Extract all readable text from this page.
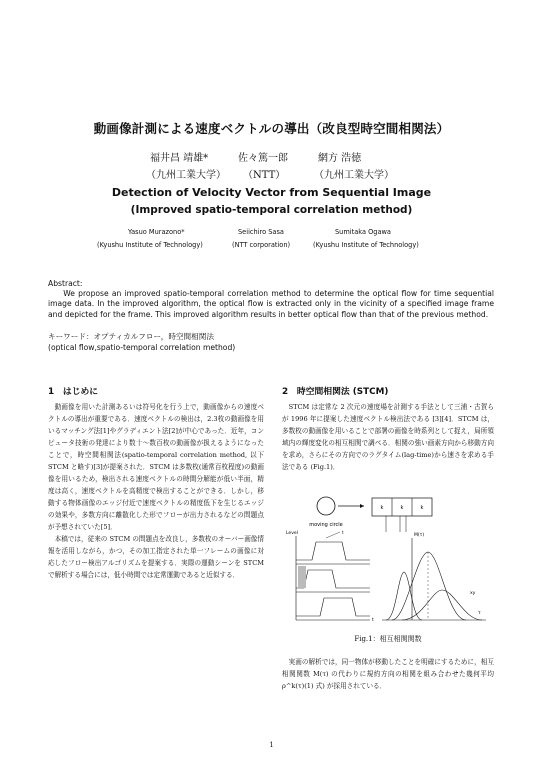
動画像計測による速度ベクトルの導出（改良型時空間相関法）
福井昌 靖雄*	佐々篤一郎	網方 浩徳
（九州工業大学） （NTT）	（九州工業大学）
Detection of Velocity Vector from Sequential Image
(Improved spatio-temporal correlation method)
Yasuo Murazono*	Seiichiro Sasa	Sumitaka Ogawa
(Kyushu Institute of Technology)	(NTT corporation)	(Kyushu Institute of Technology)
Abstract:
We propose an improved spatio-temporal correlation method to determine the optical flow for time sequential image data. In the improved algorithm, the optical flow is extracted only in the vicinity of a specified image frame and depicted for the frame. This improved algorithm results in better optical flow than that of the previous method.
キーワード：オプティカルフロー，時空間相関法
(optical flow,spatio-temporal correlation method)
1　はじめに

動画像を用いた計測あるいは符号化を行う上で，動画像からの速度ベクトルの導出が重要である．速度ベクトルの検出は，2.3枚の動画像を用いるマッチング法[1]やグラディエント法[2]が中心であった．近年，コンピュータ技術の発達により数十〜数百枚の動画像が扱えるようになったことで，時空間相関法(spatio-temporal correlation method, 以下 STCM と略す)[3]が提案された．STCM は多数枚(通常百枚程度)の動画像を用いるため，検出される速度ベクトルの時間分解能が低い半面，精度は高く，速度ベクトルを高精度で検出することができる．しかし，移動する物体画像のエッジ付近で速度ベクトルの精度低下を生じるエッジの効果や，多数方向に離散化した形でフローが出力されるなどの問題点が予想されていた[5]．

本稿では，従来の STCM の問題点を改良し，多数枚のオーバー画像情報を活用しながら，かつ，その加工指定された単一フレームの画像に対応したフロー検出アルゴリズムを提案する．実際の運動シーンを STCM で解析する場合には，低小時間では定常運動であると近似する．

2　時空間相関法 (STCM)

STCM は定常な 2 次元の速度場を計測する手法として三浦・古賀らが 1996 年に提案した速度ベクトル検出法である [3][4]．STCM は，多数枚の動画像を用いることで部署の画像を時系列として捉え，局所領域内の輝度変化の相互相関で調べる．相関の強い画素方向から移動方向を求め，さらにその方向でのラグタイム(lag-time)から速さを求める手法である (Fig.1)．

moving circle
k	k	k
Level
t
t
M(τ)
τ
xy
Fig.1：相互相関関数

実画の解析では，同一物体が移動したことを明確にするために，相互相関関数 M(τ) の代わりに規約方向の相関を組み合わせた幾何平均ρ^k(τ)(1) 式) が採用されている．

1
